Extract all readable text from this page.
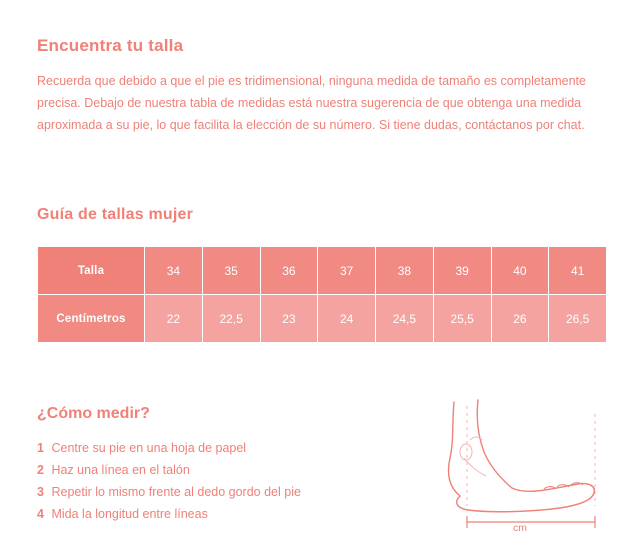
Encuentra tu talla

Recuerda que debido a que el pie es tridimensional, ninguna medida de tamaño es completamente precisa. Debajo de nuestra tabla de medidas está nuestra sugerencia de que obtenga una medida aproximada a su pie, lo que facilita la elección de su número. Si tiene dudas, contáctanos por chat.

Guía de tallas mujer
Talla	34	35	36	37	38	39	40	41
Centímetros	22	22,5	23	24	24,5	25,5	26	26,5
¿Cómo medir?
1 Centre su pie en una hoja de papel
2 Haz una línea en el talón
3 Repetir lo mismo frente al dedo gordo del pie
4 Mida la longitud entre líneas
cm
